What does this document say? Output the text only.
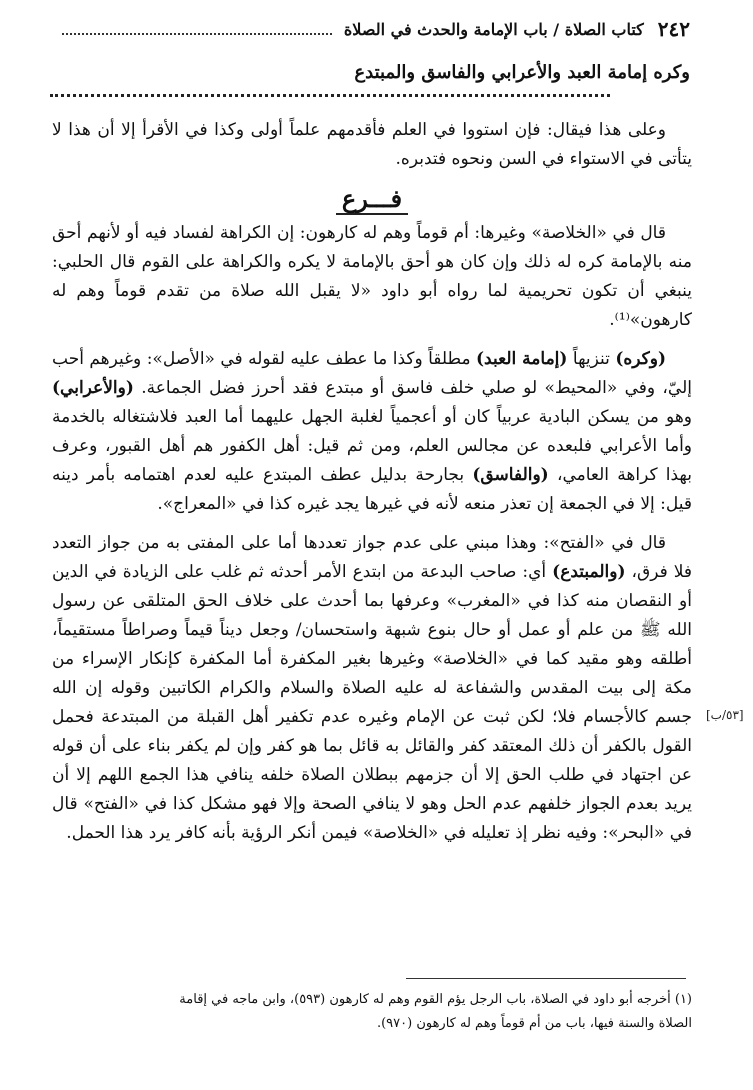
٢٤٢
كتاب الصلاة / باب الإمامة والحدث في الصلاة
وكره إمامة العبد والأعرابي والفاسق والمبتدع

وعلى هذا فيقال: فإن استووا في العلم فأقدمهم علماً أولى وكذا في الأقرأ إلا أن هذا لا يتأتى في الاستواء في السن ونحوه فتدبره.

فـــرع

قال في «الخلاصة» وغيرها: أم قوماً وهم له كارهون: إن الكراهة لفساد فيه أو لأنهم أحق منه بالإمامة كره له ذلك وإن كان هو أحق بالإمامة لا يكره والكراهة على القوم قال الحلبي: ينبغي أن تكون تحريمية لما رواه أبو داود «لا يقبل الله صلاة من تقدم قوماً وهم له كارهون»⁽¹⁾.

(وكره) تنزيهاً (إمامة العبد) مطلقاً وكذا ما عطف عليه لقوله في «الأصل»: وغيرهم أحب إليّ، وفي «المحيط» لو صلي خلف فاسق أو مبتدع فقد أحرز فضل الجماعة. (والأعرابي) وهو من يسكن البادية عربياً كان أو أعجمياً لغلبة الجهل عليهما أما العبد فلاشتغاله بالخدمة وأما الأعرابي فلبعده عن مجالس العلم، ومن ثم قيل: أهل الكفور هم أهل القبور، وعرف بهذا كراهة العامي، (والفاسق) بجارحة بدليل عطف المبتدع عليه لعدم اهتمامه بأمر دينه قيل: إلا في الجمعة إن تعذر منعه لأنه في غيرها يجد غيره كذا في «المعراج».

قال في «الفتح»: وهذا مبني على عدم جواز تعددها أما على المفتى به من جواز التعدد فلا فرق، (والمبتدع) أي: صاحب البدعة من ابتدع الأمر أحدثه ثم غلب على الزيادة في الدين أو النقصان منه كذا في «المغرب» وعرفها بما أحدث على خلاف الحق المتلقى عن رسول الله ﷺ من علم أو عمل أو حال بنوع شبهة واستحسان/ وجعل ديناً قيماً وصراطاً مستقيماً، أطلقه وهو مقيد كما في «الخلاصة» وغيرها بغير المكفرة أما المكفرة كإنكار الإسراء من مكة إلى بيت المقدس والشفاعة له عليه الصلاة والسلام والكرام الكاتبين وقوله إن الله جسم كالأجسام فلا؛ لكن ثبت عن الإمام وغيره عدم تكفير أهل القبلة من المبتدعة فحمل القول بالكفر أن ذلك المعتقد كفر والقائل به قائل بما هو كفر وإن لم يكفر بناء على أن قوله عن اجتهاد في طلب الحق إلا أن جزمهم ببطلان الصلاة خلفه ينافي هذا الجمع اللهم إلا أن يريد بعدم الجواز خلفهم عدم الحل وهو لا ينافي الصحة وإلا فهو مشكل كذا في «الفتح» قال في «البحر»: وفيه نظر إذ تعليله في «الخلاصة» فيمن أنكر الرؤية بأنه كافر يرد هذا الحمل.

[٥٣/ب]

(١) أخرجه أبو داود في الصلاة، باب الرجل يؤم القوم وهم له كارهون (٥٩٣)، وابن ماجه في إقامة

الصلاة والسنة فيها، باب من أم قوماً وهم له كارهون (٩٧٠).
